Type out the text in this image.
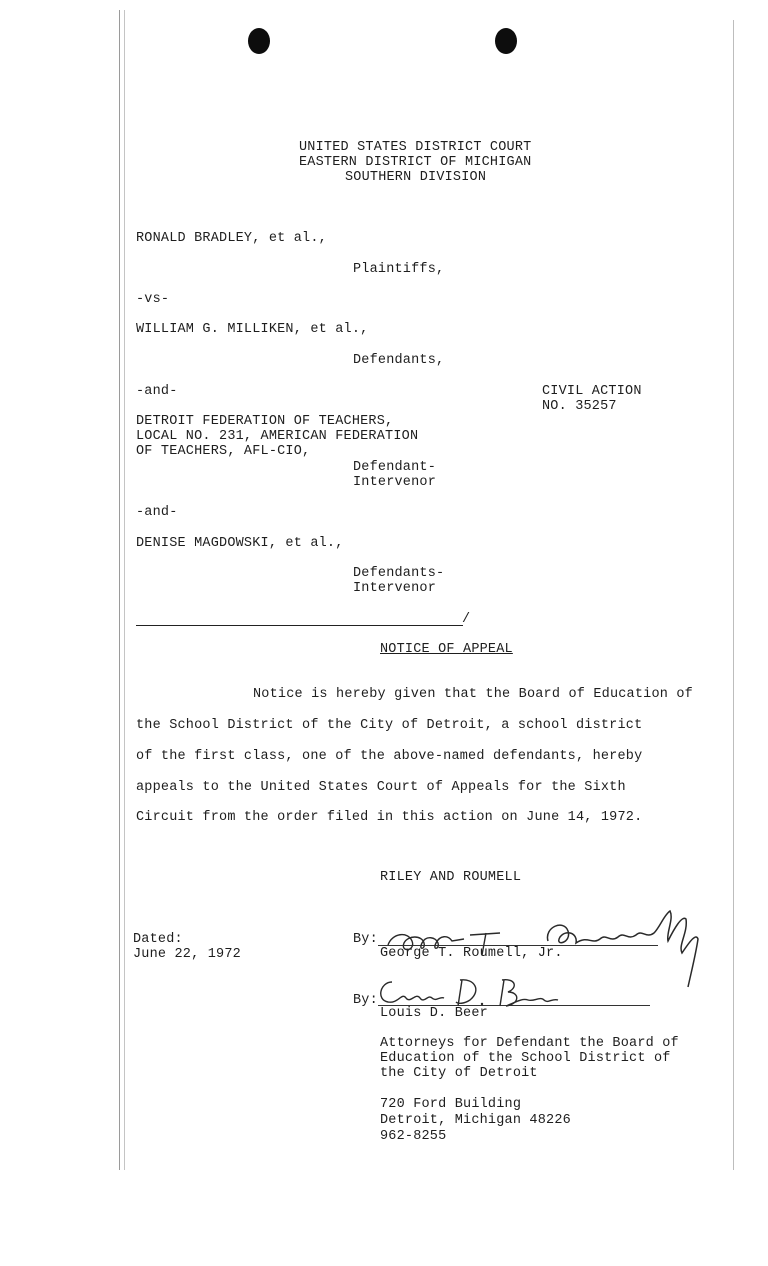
UNITED STATES DISTRICT COURT
EASTERN DISTRICT OF MICHIGAN
SOUTHERN DIVISION
RONALD BRADLEY, et al.,
Plaintiffs,
-vs-
WILLIAM G. MILLIKEN, et al.,
Defendants,
-and-	CIVIL ACTION
NO. 35257
DETROIT FEDERATION OF TEACHERS,
LOCAL NO. 231, AMERICAN FEDERATION
OF TEACHERS, AFL-CIO,
Defendant-
Intervenor
-and-
DENISE MAGDOWSKI, et al.,
Defendants-
Intervenor
/
NOTICE OF APPEAL
Notice is hereby given that the Board of Education of
the School District of the City of Detroit, a school district
of the first class, one of the above-named defendants, hereby
appeals to the United States Court of Appeals for the Sixth
Circuit from the order filed in this action on June 14, 1972.
RILEY AND ROUMELL
Dated:
June 22, 1972
By:
George T. Roumell, Jr.
By:
Louis D. Beer
Attorneys for Defendant the Board of
Education of the School District of
the City of Detroit
720 Ford Building
Detroit, Michigan 48226
962-8255
